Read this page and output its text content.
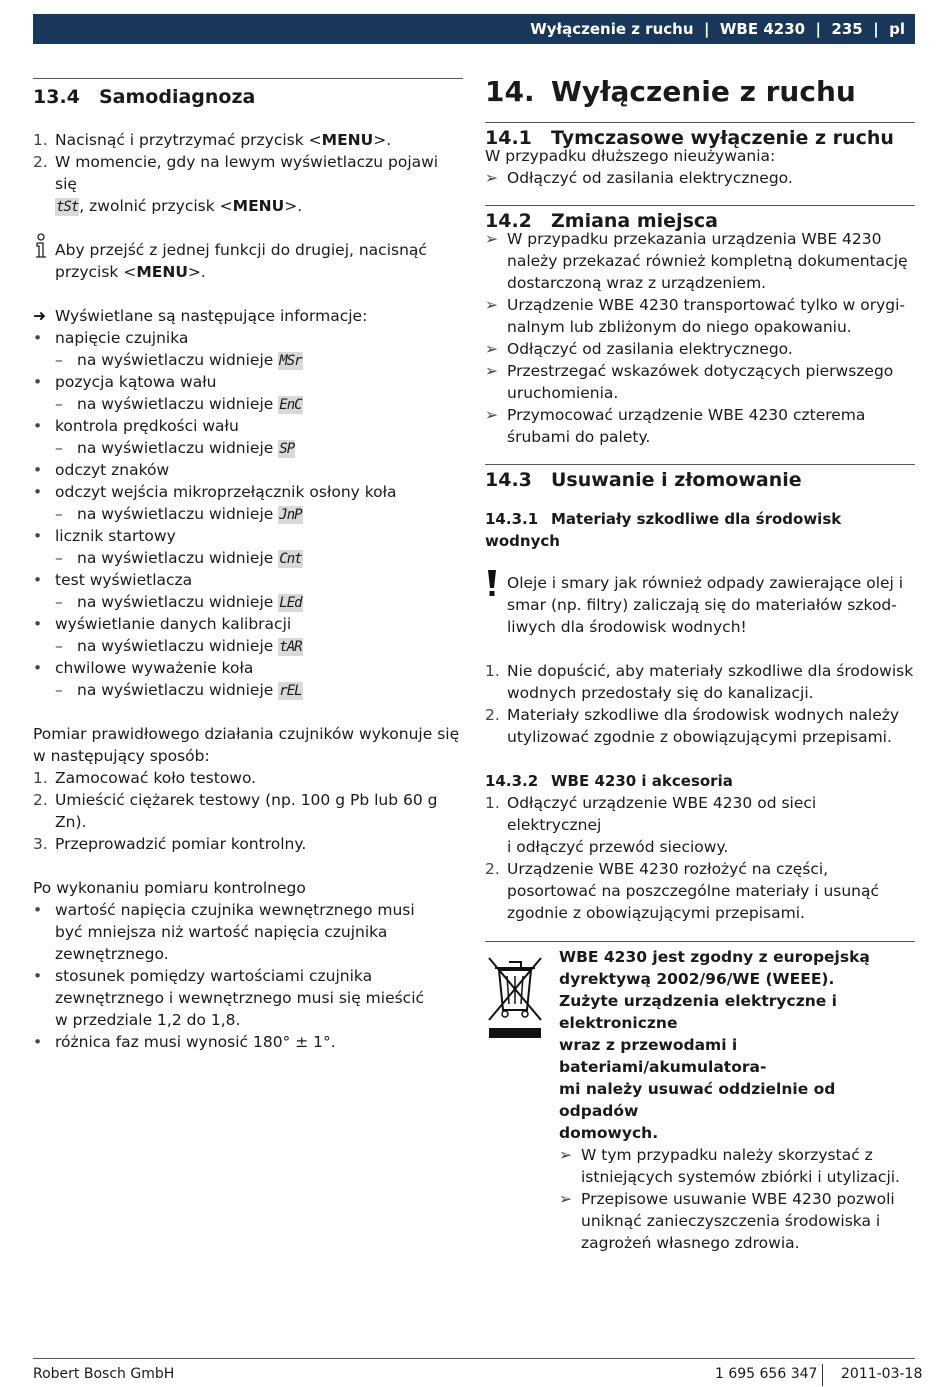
Wyłączenie z ruchu  |  WBE 4230  |  235  |  pl
13.4 Samodiagnoza
1. Nacisnąć i przytrzymać przycisk <MENU>.
2. W momencie, gdy na lewym wyświetlaczu pojawi się
tSt, zwolnić przycisk <MENU>.
Aby przejść z jednej funkcji do drugiej, nacisnąć
przycisk <MENU>.
➜ Wyświetlane są następujące informacje:
• napięcie czujnika
– na wyświetlaczu widnieje MSr
• pozycja kątowa wału
– na wyświetlaczu widnieje EnC
• kontrola prędkości wału
– na wyświetlaczu widnieje SP
• odczyt znaków
• odczyt wejścia mikroprzełącznik osłony koła
– na wyświetlaczu widnieje JnP
• licznik startowy
– na wyświetlaczu widnieje Cnt
• test wyświetlacza
– na wyświetlaczu widnieje LEd
• wyświetlanie danych kalibracji
– na wyświetlaczu widnieje tAR
• chwilowe wyważenie koła
– na wyświetlaczu widnieje rEL
Pomiar prawidłowego działania czujników wykonuje się
w następujący sposób:
1. Zamocować koło testowo.
2. Umieścić ciężarek testowy (np. 100 g Pb lub 60 g Zn).
3. Przeprowadzić pomiar kontrolny.
Po wykonaniu pomiaru kontrolnego
• wartość napięcia czujnika wewnętrznego musi
być mniejsza niż wartość napięcia czujnika
zewnętrznego.
• stosunek pomiędzy wartościami czujnika
zewnętrznego i wewnętrznego musi się mieścić
w przedziale 1,2 do 1,8.
• różnica faz musi wynosić 180° ± 1°.
14. Wyłączenie z ruchu
14.1 Tymczasowe wyłączenie z ruchu
W przypadku dłuższego nieużywania:
➢ Odłączyć od zasilania elektrycznego.
14.2 Zmiana miejsca
➢ W przypadku przekazania urządzenia WBE 4230
należy przekazać również kompletną dokumentację
dostarczoną wraz z urządzeniem.
➢ Urządzenie WBE 4230 transportować tylko w orygi-
nalnym lub zbliżonym do niego opakowaniu.
➢ Odłączyć od zasilania elektrycznego.
➢ Przestrzegać wskazówek dotyczących pierwszego
uruchomienia.
➢ Przymocować urządzenie WBE 4230 czterema
śrubami do palety.
14.3 Usuwanie i złomowanie
14.3.1 Materiały szkodliwe dla środowisk wodnych
Oleje i smary jak również odpady zawierające olej i
smar (np. filtry) zaliczają się do materiałów szkod-
liwych dla środowisk wodnych!
1. Nie dopuścić, aby materiały szkodliwe dla środowisk
wodnych przedostały się do kanalizacji.
2. Materiały szkodliwe dla środowisk wodnych należy
utylizować zgodnie z obowiązującymi przepisami.
14.3.2 WBE 4230 i akcesoria
1. Odłączyć urządzenie WBE 4230 od sieci elektrycznej
i odłączyć przewód sieciowy.
2. Urządzenie WBE 4230 rozłożyć na części,
posortować na poszczególne materiały i usunąć
zgodnie z obowiązującymi przepisami.
WBE 4230 jest zgodny z europejską
dyrektywą 2002/96/WE (WEEE).
Zużyte urządzenia elektryczne i elektroniczne
wraz z przewodami i bateriami/akumulatora-
mi należy usuwać oddzielnie od odpadów
domowych.
➢ W tym przypadku należy skorzystać z
istniejących systemów zbiórki i utylizacji.
➢ Przepisowe usuwanie WBE 4230 pozwoli
uniknąć zanieczyszczenia środowiska i
zagrożeń własnego zdrowia.
Robert Bosch GmbH	1 695 656 347 2011-03-18
